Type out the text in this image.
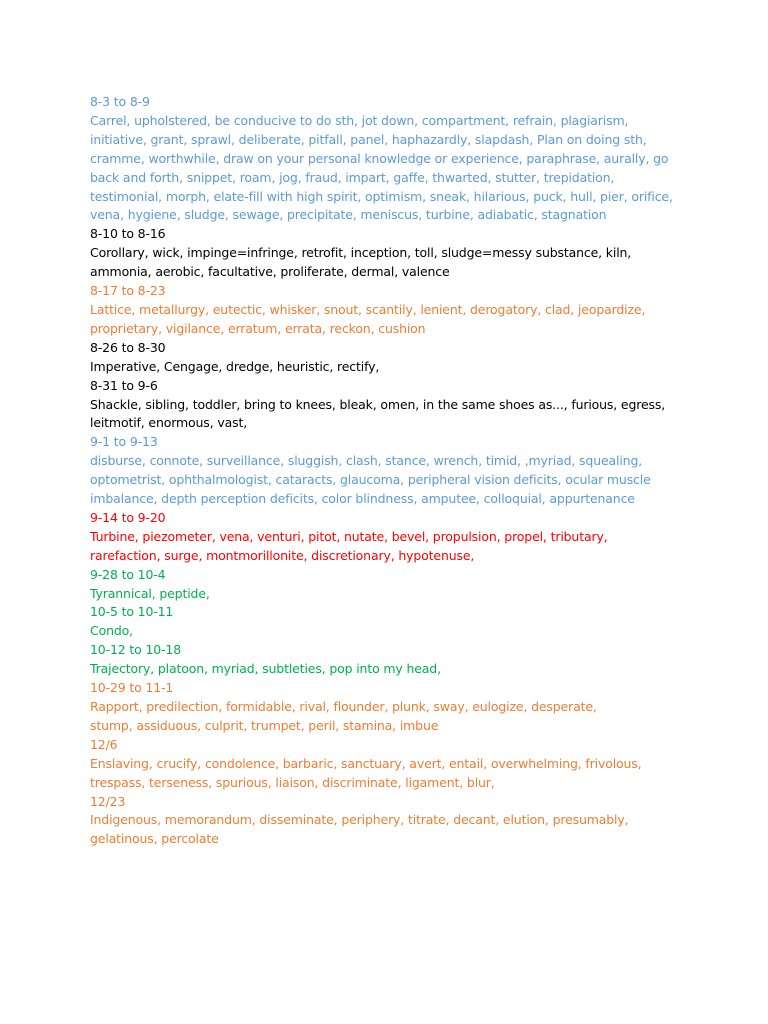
8-3 to 8-9
Carrel, upholstered, be conducive to do sth, jot down, compartment, refrain, plagiarism,
initiative, grant, sprawl, deliberate, pitfall, panel, haphazardly, slapdash, Plan on doing sth,
cramme, worthwhile, draw on your personal knowledge or experience, paraphrase, aurally, go
back and forth, snippet, roam, jog, fraud, impart, gaffe, thwarted, stutter, trepidation,
testimonial, morph, elate-fill with high spirit, optimism, sneak, hilarious, puck, hull, pier, orifice,
vena, hygiene, sludge, sewage, precipitate, meniscus, turbine, adiabatic, stagnation
8-10 to 8-16
Corollary, wick, impinge=infringe, retrofit, inception, toll, sludge=messy substance, kiln,
ammonia, aerobic, facultative, proliferate, dermal, valence
8-17 to 8-23
Lattice, metallurgy, eutectic, whisker, snout, scantily, lenient, derogatory, clad, jeopardize,
proprietary, vigilance, erratum, errata, reckon, cushion
8-26 to 8-30
Imperative, Cengage, dredge, heuristic, rectify,
8-31 to 9-6
Shackle, sibling, toddler, bring to knees, bleak, omen, in the same shoes as..., furious, egress,
leitmotif, enormous, vast,
9-1 to 9-13
disburse, connote, surveillance, sluggish, clash, stance, wrench, timid, ,myriad, squealing,
optometrist, ophthalmologist, cataracts, glaucoma, peripheral vision deficits, ocular muscle
imbalance, depth perception deficits, color blindness, amputee, colloquial, appurtenance
9-14 to 9-20
Turbine, piezometer, vena, venturi, pitot, nutate, bevel, propulsion, propel, tributary,
rarefaction, surge, montmorillonite, discretionary, hypotenuse,
9-28 to 10-4
Tyrannical, peptide,
10-5 to 10-11
Condo,
10-12 to 10-18
Trajectory, platoon, myriad, subtleties, pop into my head,
10-29 to 11-1
Rapport, predilection, formidable, rival, flounder, plunk, sway, eulogize, desperate,
stump, assiduous, culprit, trumpet, peril, stamina, imbue
12/6
Enslaving, crucify, condolence, barbaric, sanctuary, avert, entail, overwhelming, frivolous,
trespass, terseness, spurious, liaison, discriminate, ligament, blur,
12/23
Indigenous, memorandum, disseminate, periphery, titrate, decant, elution, presumably,
gelatinous, percolate
